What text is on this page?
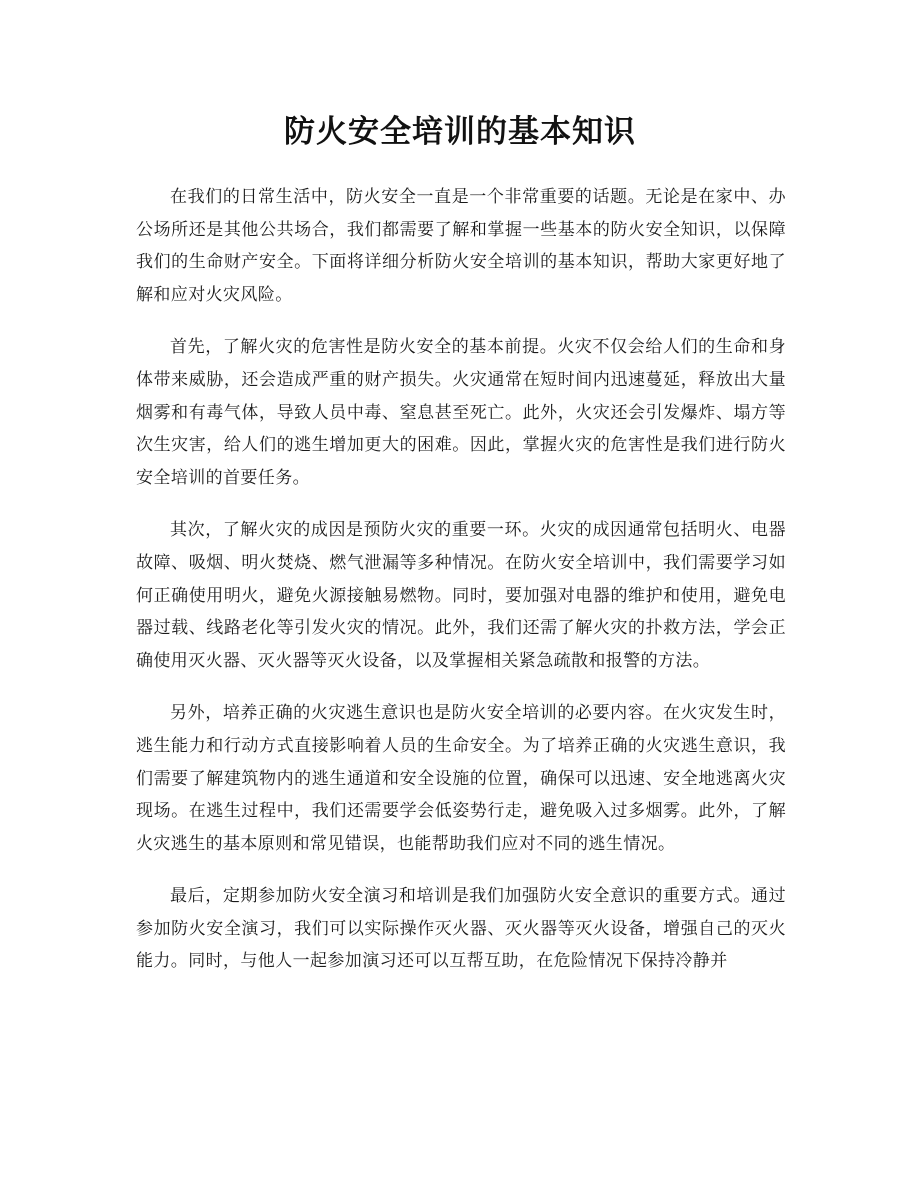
防火安全培训的基本知识

在我们的日常生活中，防火安全一直是一个非常重要的话题。无论是在家中、办公场所还是其他公共场合，我们都需要了解和掌握一些基本的防火安全知识，以保障我们的生命财产安全。下面将详细分析防火安全培训的基本知识，帮助大家更好地了解和应对火灾风险。

首先，了解火灾的危害性是防火安全的基本前提。火灾不仅会给人们的生命和身体带来威胁，还会造成严重的财产损失。火灾通常在短时间内迅速蔓延，释放出大量烟雾和有毒气体，导致人员中毒、窒息甚至死亡。此外，火灾还会引发爆炸、塌方等次生灾害，给人们的逃生增加更大的困难。因此，掌握火灾的危害性是我们进行防火安全培训的首要任务。

其次，了解火灾的成因是预防火灾的重要一环。火灾的成因通常包括明火、电器故障、吸烟、明火焚烧、燃气泄漏等多种情况。在防火安全培训中，我们需要学习如何正确使用明火，避免火源接触易燃物。同时，要加强对电器的维护和使用，避免电器过载、线路老化等引发火灾的情况。此外，我们还需了解火灾的扑救方法，学会正确使用灭火器、灭火器等灭火设备，以及掌握相关紧急疏散和报警的方法。

另外，培养正确的火灾逃生意识也是防火安全培训的必要内容。在火灾发生时，逃生能力和行动方式直接影响着人员的生命安全。为了培养正确的火灾逃生意识，我们需要了解建筑物内的逃生通道和安全设施的位置，确保可以迅速、安全地逃离火灾现场。在逃生过程中，我们还需要学会低姿势行走，避免吸入过多烟雾。此外，了解火灾逃生的基本原则和常见错误，也能帮助我们应对不同的逃生情况。

最后，定期参加防火安全演习和培训是我们加强防火安全意识的重要方式。通过参加防火安全演习，我们可以实际操作灭火器、灭火器等灭火设备，增强自己的灭火能力。同时，与他人一起参加演习还可以互帮互助，在危险情况下保持冷静并
